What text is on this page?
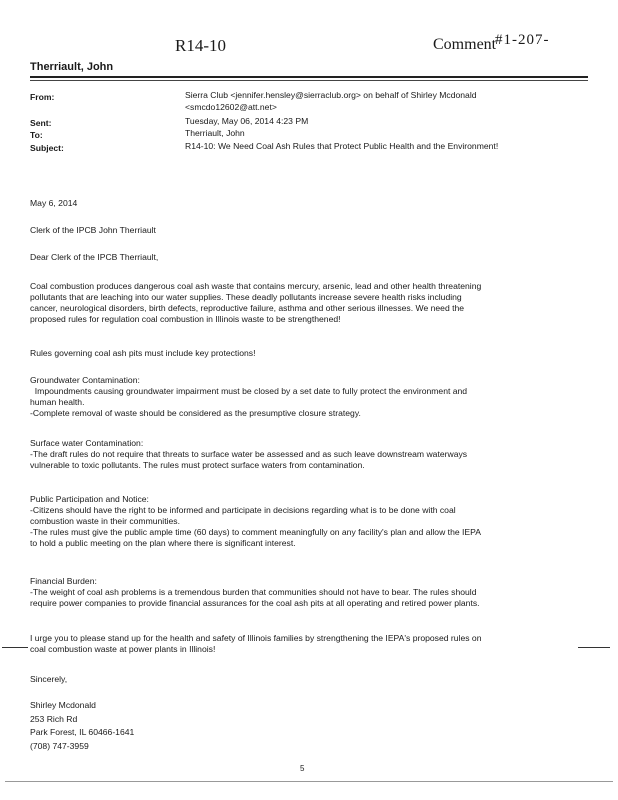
R14-10	Comment
#1-207-
Therriault, John
From:	Sierra Club <jennifer.hensley@sierraclub.org> on behalf of Shirley Mcdonald
<smcdo12602@att.net>
Sent:	Tuesday, May 06, 2014 4:23 PM
To:	Therriault, John
Subject:	R14-10: We Need Coal Ash Rules that Protect Public Health and the Environment!
May 6, 2014
Clerk of the IPCB John Therriault
Dear Clerk of the IPCB Therriault,
Coal combustion produces dangerous coal ash waste that contains mercury, arsenic, lead and other health threatening
pollutants that are leaching into our water supplies. These deadly pollutants increase severe health risks including
cancer, neurological disorders, birth defects, reproductive failure, asthma and other serious illnesses. We need the
proposed rules for regulation coal combustion in Illinois waste to be strengthened!
Rules governing coal ash pits must include key protections!
Groundwater Contamination:
Impoundments causing groundwater impairment must be closed by a set date to fully protect the environment and
human health.
-Complete removal of waste should be considered as the presumptive closure strategy.
Surface water Contamination:
-The draft rules do not require that threats to surface water be assessed and as such leave downstream waterways
vulnerable to toxic pollutants. The rules must protect surface waters from contamination.
Public Participation and Notice:
-Citizens should have the right to be informed and participate in decisions regarding what is to be done with coal
combustion waste in their communities.
-The rules must give the public ample time (60 days) to comment meaningfully on any facility's plan and allow the IEPA
to hold a public meeting on the plan where there is significant interest.
Financial Burden:
-The weight of coal ash problems is a tremendous burden that communities should not have to bear. The rules should
require power companies to provide financial assurances for the coal ash pits at all operating and retired power plants.
I urge you to please stand up for the health and safety of Illinois families by strengthening the IEPA's proposed rules on
coal combustion waste at power plants in Illinois!
Sincerely,
Shirley Mcdonald
253 Rich Rd
Park Forest, IL 60466-1641
(708) 747-3959
5
